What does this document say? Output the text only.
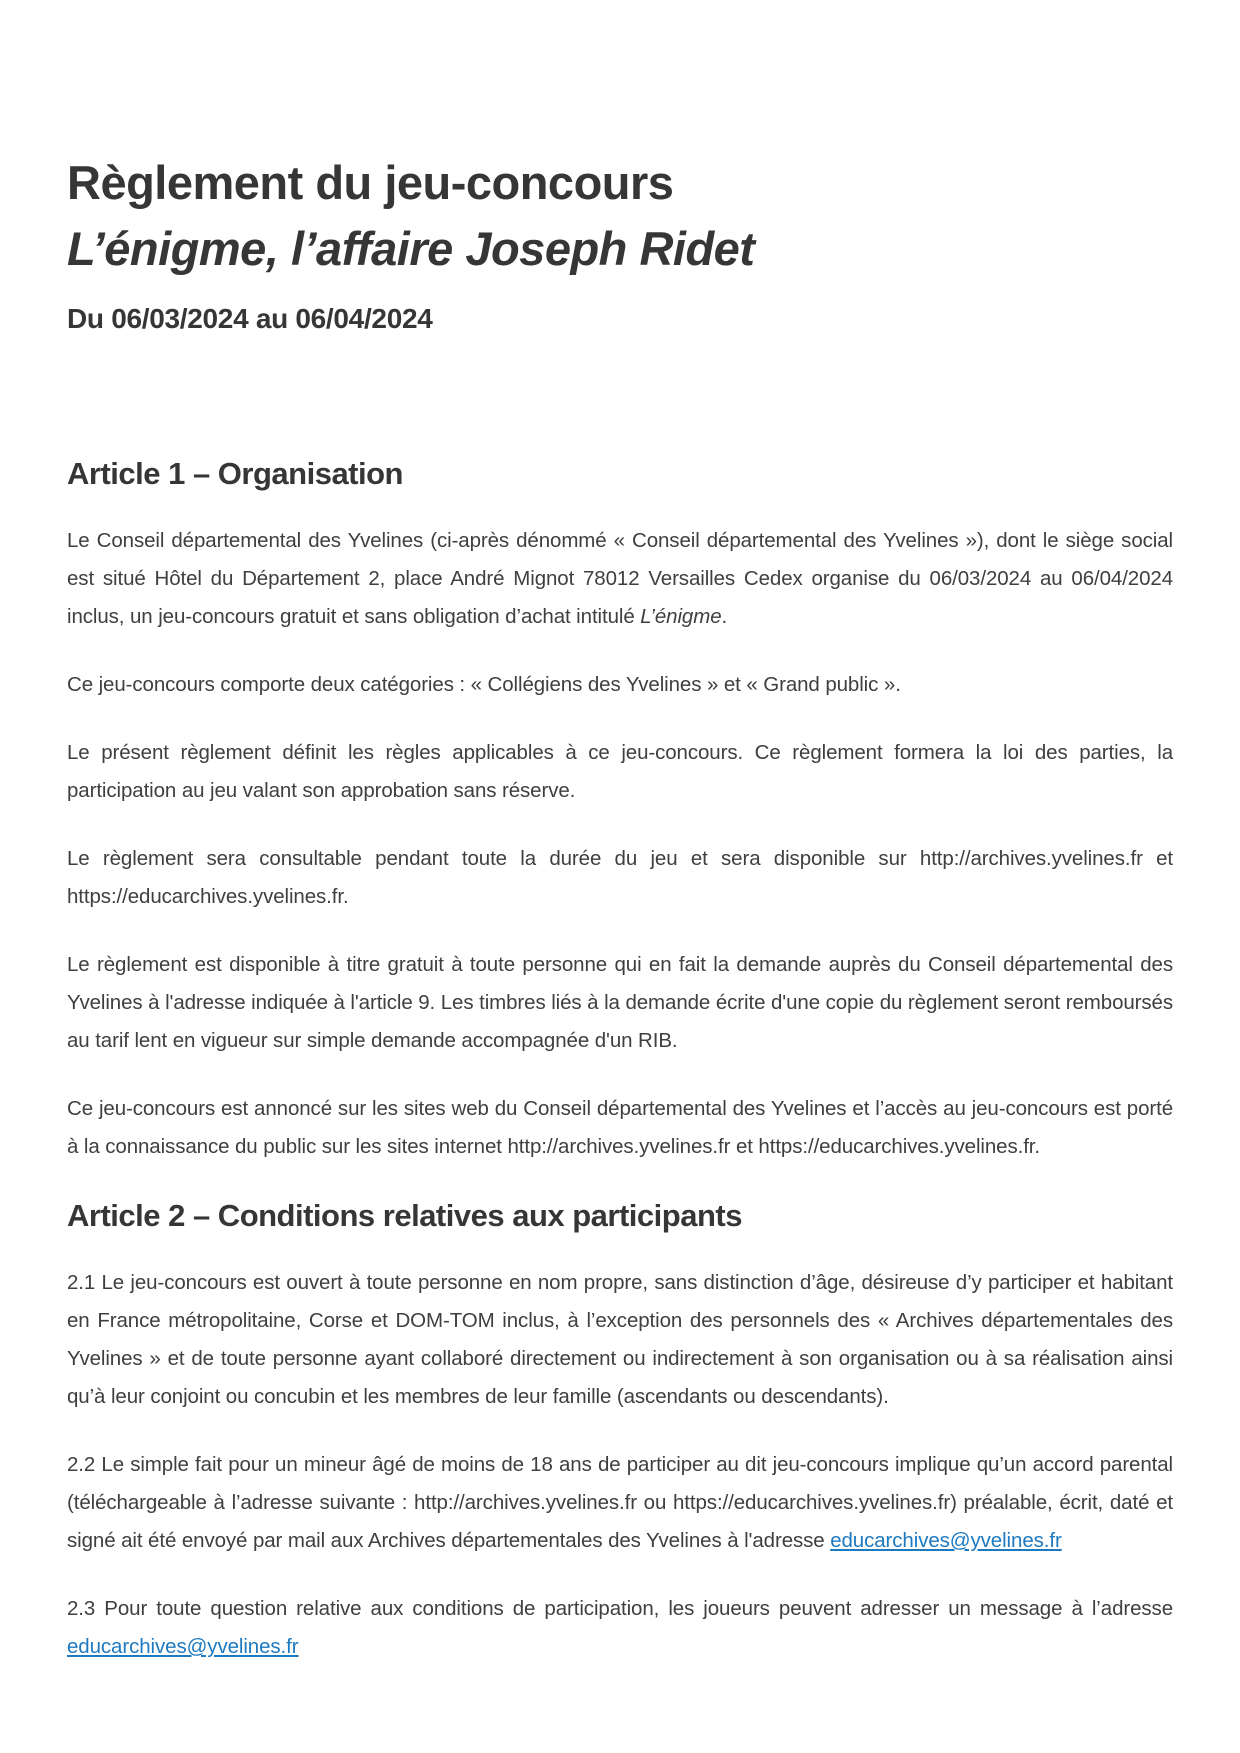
Règlement du jeu-concours
L’énigme, l’affaire Joseph Ridet

Du 06/03/2024 au 06/04/2024

Article 1 – Organisation

Le Conseil départemental des Yvelines (ci-après dénommé « Conseil départemental des Yvelines »), dont le siège social est situé Hôtel du Département 2, place André Mignot 78012 Versailles Cedex organise du 06/03/2024 au 06/04/2024 inclus, un jeu-concours gratuit et sans obligation d’achat intitulé L’énigme.

Ce jeu-concours comporte deux catégories : « Collégiens des Yvelines » et « Grand public ».

Le présent règlement définit les règles applicables à ce jeu-concours. Ce règlement formera la loi des parties, la participation au jeu valant son approbation sans réserve.

Le règlement sera consultable pendant toute la durée du jeu et sera disponible sur http://archives.yvelines.fr et https://educarchives.yvelines.fr.

Le règlement est disponible à titre gratuit à toute personne qui en fait la demande auprès du Conseil départemental des Yvelines à l'adresse indiquée à l'article 9. Les timbres liés à la demande écrite d'une copie du règlement seront remboursés au tarif lent en vigueur sur simple demande accompagnée d'un RIB.

Ce jeu-concours est annoncé sur les sites web du Conseil départemental des Yvelines et l’accès au jeu-concours est porté à la connaissance du public sur les sites internet http://archives.yvelines.fr et https://educarchives.yvelines.fr.

Article 2 – Conditions relatives aux participants

2.1 Le jeu-concours est ouvert à toute personne en nom propre, sans distinction d’âge, désireuse d’y participer et habitant en France métropolitaine, Corse et DOM-TOM inclus, à l’exception des personnels des « Archives départementales des Yvelines » et de toute personne ayant collaboré directement ou indirectement à son organisation ou à sa réalisation ainsi qu’à leur conjoint ou concubin et les membres de leur famille (ascendants ou descendants).

2.2 Le simple fait pour un mineur âgé de moins de 18 ans de participer au dit jeu-concours implique qu’un accord parental (téléchargeable à l’adresse suivante : http://archives.yvelines.fr ou https://educarchives.yvelines.fr) préalable, écrit, daté et signé ait été envoyé par mail aux Archives départementales des Yvelines à l'adresse educarchives@yvelines.fr

2.3 Pour toute question relative aux conditions de participation, les joueurs peuvent adresser un message à l’adresse educarchives@yvelines.fr
